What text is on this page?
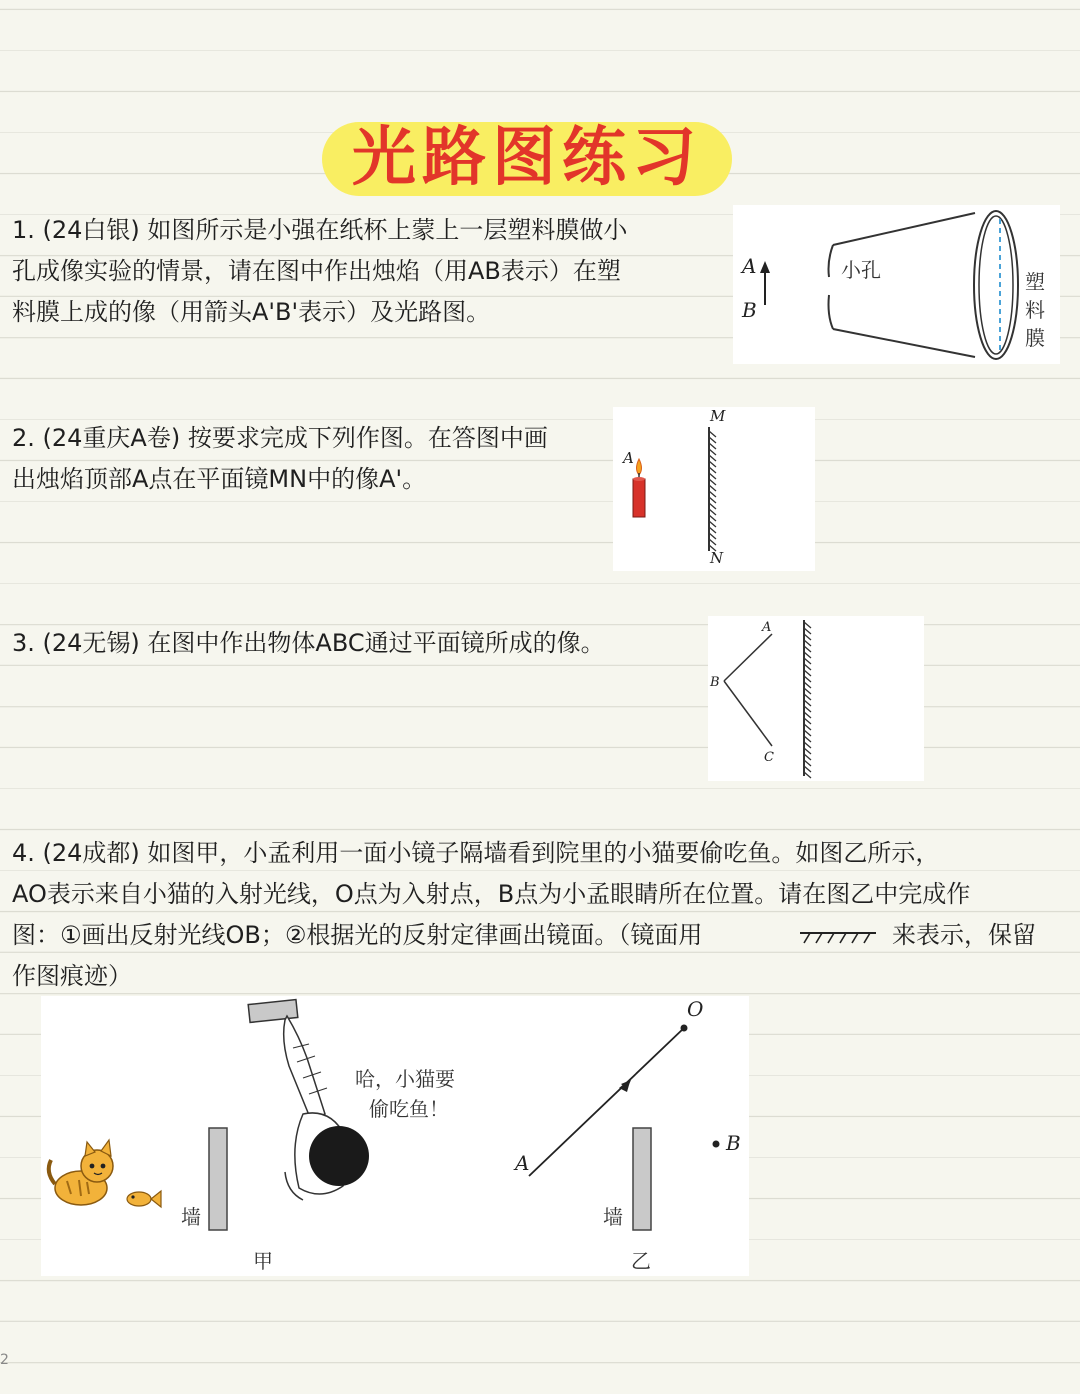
光路图练习
1. (24白银) 如图所示是小强在纸杯上蒙上一层塑料膜做小
孔成像实验的情景，请在图中作出烛焰（用AB表示）在塑
料膜上成的像（用箭头A'B'表示）及光路图。
A
B
小孔	塑
料
膜
2. (24重庆A卷) 按要求完成下列作图。在答图中画
出烛焰顶部A点在平面镜MN中的像A'。
A
M
N
3. (24无锡) 在图中作出物体ABC通过平面镜所成的像。
A
B
C
4. (24成都) 如图甲，小孟利用一面小镜子隔墙看到院里的小猫要偷吃鱼。如图乙所示，
AO表示来自小猫的入射光线，O点为入射点，B点为小孟眼睛所在位置。请在图乙中完成作
图：①画出反射光线OB；②根据光的反射定律画出镜面。（镜面用	来表示，保留
作图痕迹）
墙
甲
哈，小猫要
偷吃鱼！
O
A
B
墙
乙
2
